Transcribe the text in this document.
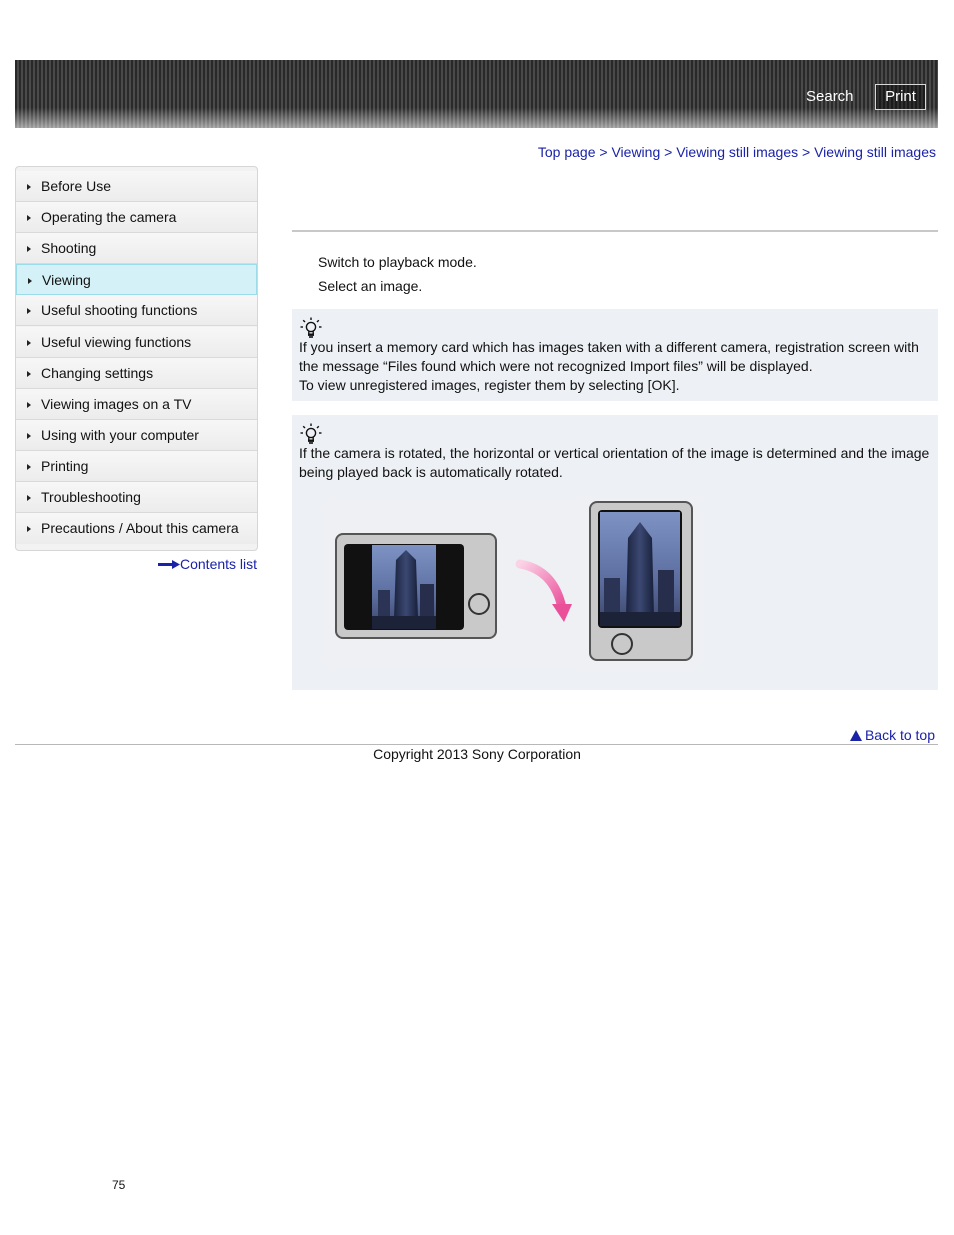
Search	Print
Top page > Viewing > Viewing still images > Viewing still images
Before Use
Operating the camera
Shooting
Viewing
Useful shooting functions
Useful viewing functions
Changing settings
Viewing images on a TV
Using with your computer
Printing
Troubleshooting
Precautions / About this camera
Contents list
Switch to playback mode.
Select an image.
If you insert a memory card which has images taken with a different camera, registration screen with
the message “Files found which were not recognized Import files” will be displayed.
To view unregistered images, register them by selecting [OK].
If the camera is rotated, the horizontal or vertical orientation of the image is determined and the image
being played back is automatically rotated.
Back to top
Copyright 2013 Sony Corporation
75
